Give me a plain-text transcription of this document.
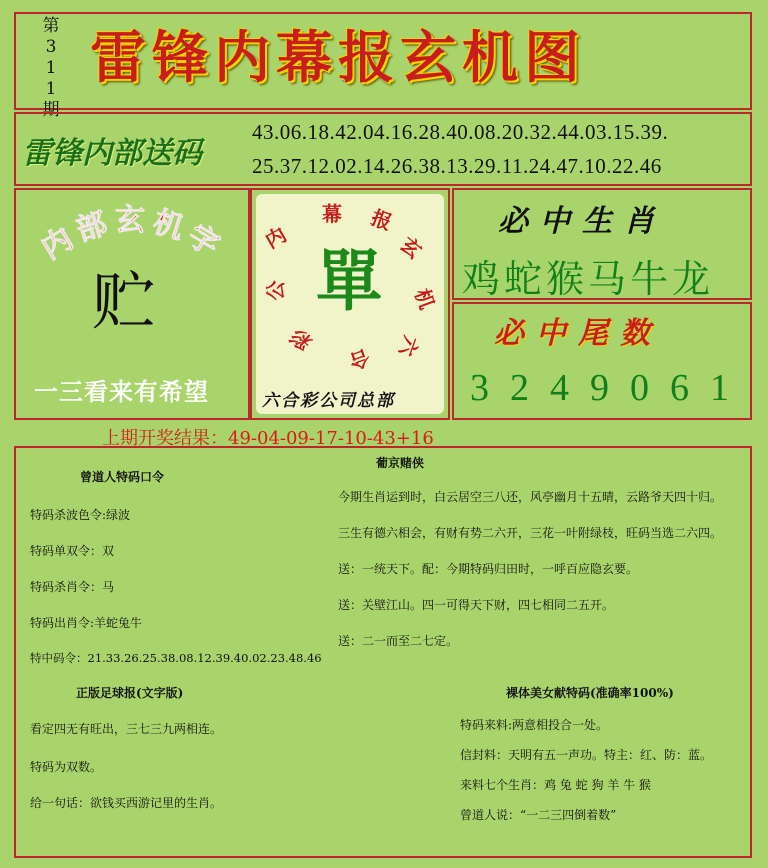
第
3
1
1
期
雷锋内幕报玄机图
雷锋内部送码
43.06.18.42.04.16.28.40.08.20.32.44.03.15.39.
25.37.12.02.14.26.38.13.29.11.24.47.10.22.46
内部玄机字
贮
一三看来有希望
内
幕 报
玄
机
六
合
彩
公 單
六合彩公司总部
必中生肖
鸡蛇猴马牛龙
必中尾数
3 2 4 9 0 6 1
上期开奖结果：49-04-09-17-10-43+16
曾道人特码口令
特码杀波色令:绿波
特码单双令：双
特码杀肖令：马
特码出肖令:羊蛇兔牛
特中码令：21.33.26.25.38.08.12.39.40.02.23.48.46
葡京赌侠
今期生肖运到时，白云居空三八还，风亭幽月十五晴，云路爷天四十归。
三生有德六相会，有财有势二六开，三花一叶附绿枝，旺码当选二六四。
送：一统天下。配：今期特码归田时，一呼百应隐玄要。
送：关壁江山。四一可得天下财，四七相同二五开。
送：二一而至二七定。
正版足球报(文字版)
看定四无有旺出，三七三九两相连。
特码为双数。
给一句话：欲钱买西游记里的生肖。
裸体美女献特码(准确率100%)
特码来料:两意相投合一处。
信封料：天明有五一声功。特主：红、防：蓝。
来料七个生肖：鸡 兔 蛇 狗 羊 牛 猴
曾道人说：“一二三四倒着数”
